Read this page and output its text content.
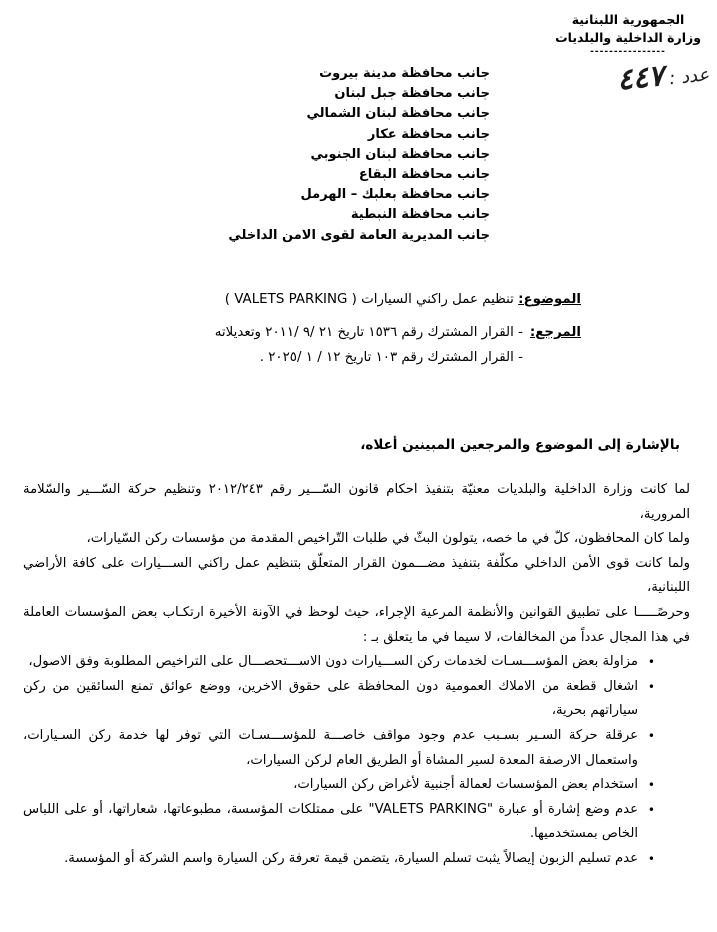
الجمهورية اللبنانية
وزارة الداخلية والبلديات
----------------
عدد : ٤٤٧
جانب محافظة مدينة بيروت
جانب محافظة جبل لبنان
جانب محافظة لبنان الشمالي
جانب محافظة عكار
جانب محافظة لبنان الجنوبي
جانب محافظة البقاع
جانب محافظة بعلبك – الهرمل
جانب محافظة النبطية
جانب المديرية العامة لقوى الامن الداخلي
الموضوع: تنظيم عمل راكني السيارات ( VALETS PARKING )
المرجع:
- القرار المشترك رقم ١٥٣٦ تاريخ ٢١ /٩ /٢٠١١ وتعديلاته
- القرار المشترك رقم ١٠٣ تاريخ ١٢ / ١ /٢٠٢٥ .
بالإشارة إلى الموضوع والمرجعين المبينين أعلاه،

لما كانت وزارة الداخلية والبلديات معنيّة بتنفيذ احكام قانون السّـــير رقم ٢٠١٢/٢٤٣ وتنظيم حركة السّـــير والسّلامة المرورية،

ولما كان المحافظون، كلّ في ما خصه، يتولون البثّ في طلبات التّراخيص المقدمة من مؤسسات ركن السّيارات،

ولما كانت قوى الأمن الداخلي مكلّفة بتنفيذ مضـــمون القرار المتعلّق بتنظيم عمل راكني الســـيارات على كافة الأراضي اللبنانية،

وحرصًـــــا على تطبيق القوانين والأنظمة المرعية الإجراء، حيث لوحظ في الآونة الأخيرة ارتكـاب بعض المؤسسات العاملة في هذا المجال عدداً من المخالفات، لا سيما في ما يتعلق بـ :

•
مزاولة بعض المؤســـسـات لخدمات ركن الســـيارات دون الاســـتحصـــال على التراخيص المطلوبة وفق الاصول،
•
اشغال قطعة من الاملاك العمومية دون المحافظة على حقوق الاخرين، ووضع عوائق تمنع السائقين من ركن سياراتهم بحرية،
•
عرقلة حركة السـير بسـبب عدم وجود مواقف خاصـــة للمؤســـسـات التي توفر لها خدمة ركن السـيارات، واستعمال الارصفة المعدة لسير المشاة أو الطريق العام لركن السيارات،
•
استخدام بعض المؤسسات لعمالة أجنبية لأغراض ركن السيارات،
•
عدم وضع إشارة أو عبارة "VALETS PARKING" على ممتلكات المؤسسة، مطبوعاتها، شعاراتها، أو على اللباس الخاص بمستخدميها.
•
عدم تسليم الزبون إيصالاً يثبت تسلم السيارة، يتضمن قيمة تعرفة ركن السيارة واسم الشركة أو المؤسسة.
